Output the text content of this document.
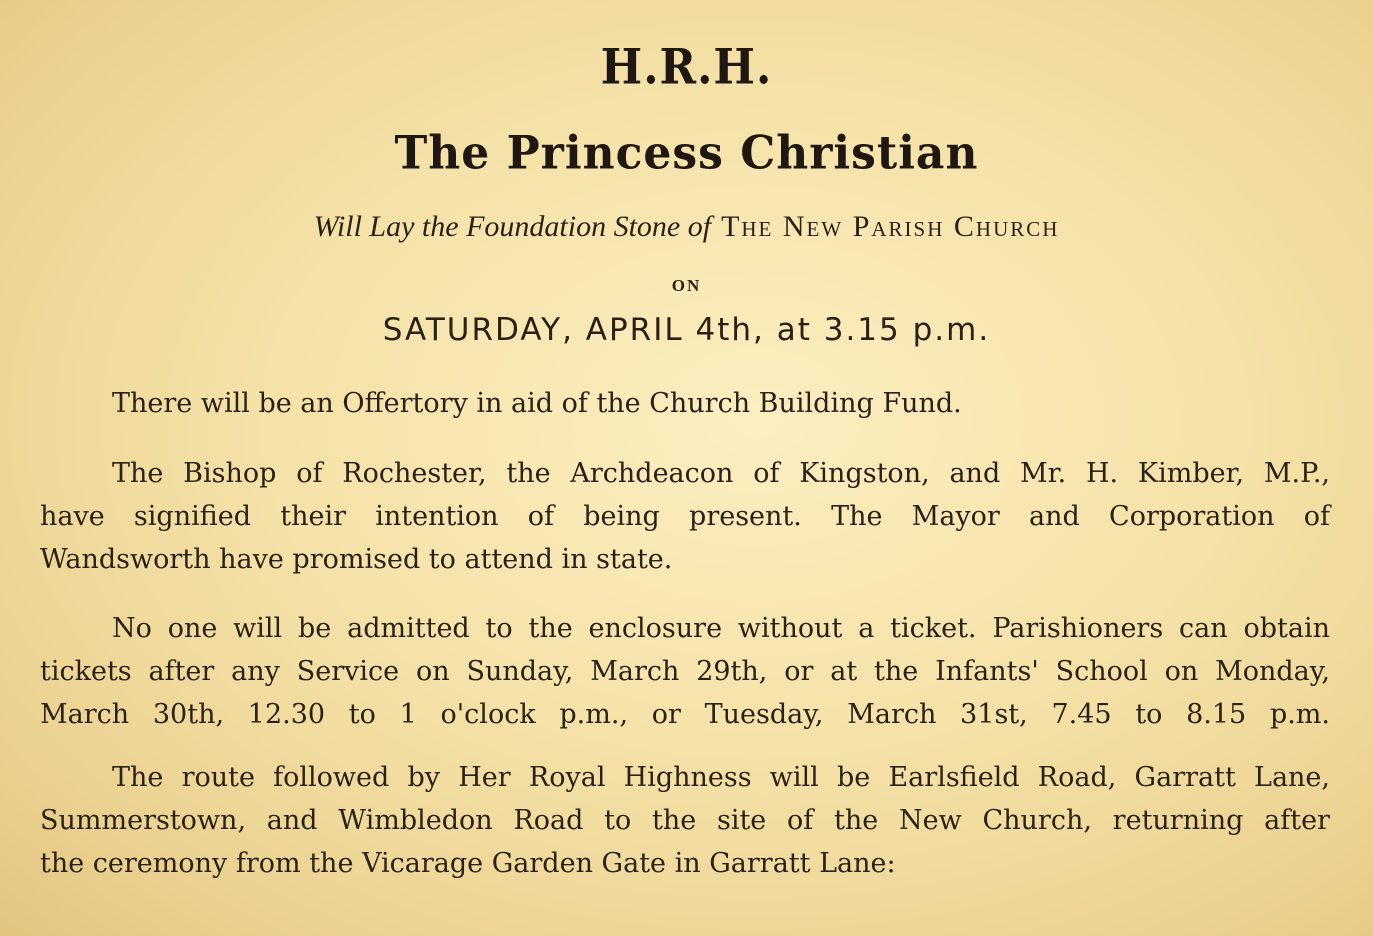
H.R.H.
The Princess Christian
Will Lay the Foundation Stone of The New Parish Church
ON
SATURDAY, APRIL 4th, at 3.15 p.m.
There will be an Offertory in aid of the Church Building Fund.
The Bishop of Rochester, the Archdeacon of Kingston, and Mr. H. Kimber, M.P.,
have signified their intention of being present. The Mayor and Corporation of
Wandsworth have promised to attend in state.
No one will be admitted to the enclosure without a ticket. Parishioners can obtain
tickets after any Service on Sunday, March 29th, or at the Infants' School on Monday,
March 30th, 12.30 to 1 o'clock p.m., or Tuesday, March 31st, 7.45 to 8.15 p.m.
The route followed by Her Royal Highness will be Earlsfield Road, Garratt Lane,
Summerstown, and Wimbledon Road to the site of the New Church, returning after
the ceremony from the Vicarage Garden Gate in Garratt Lane:
